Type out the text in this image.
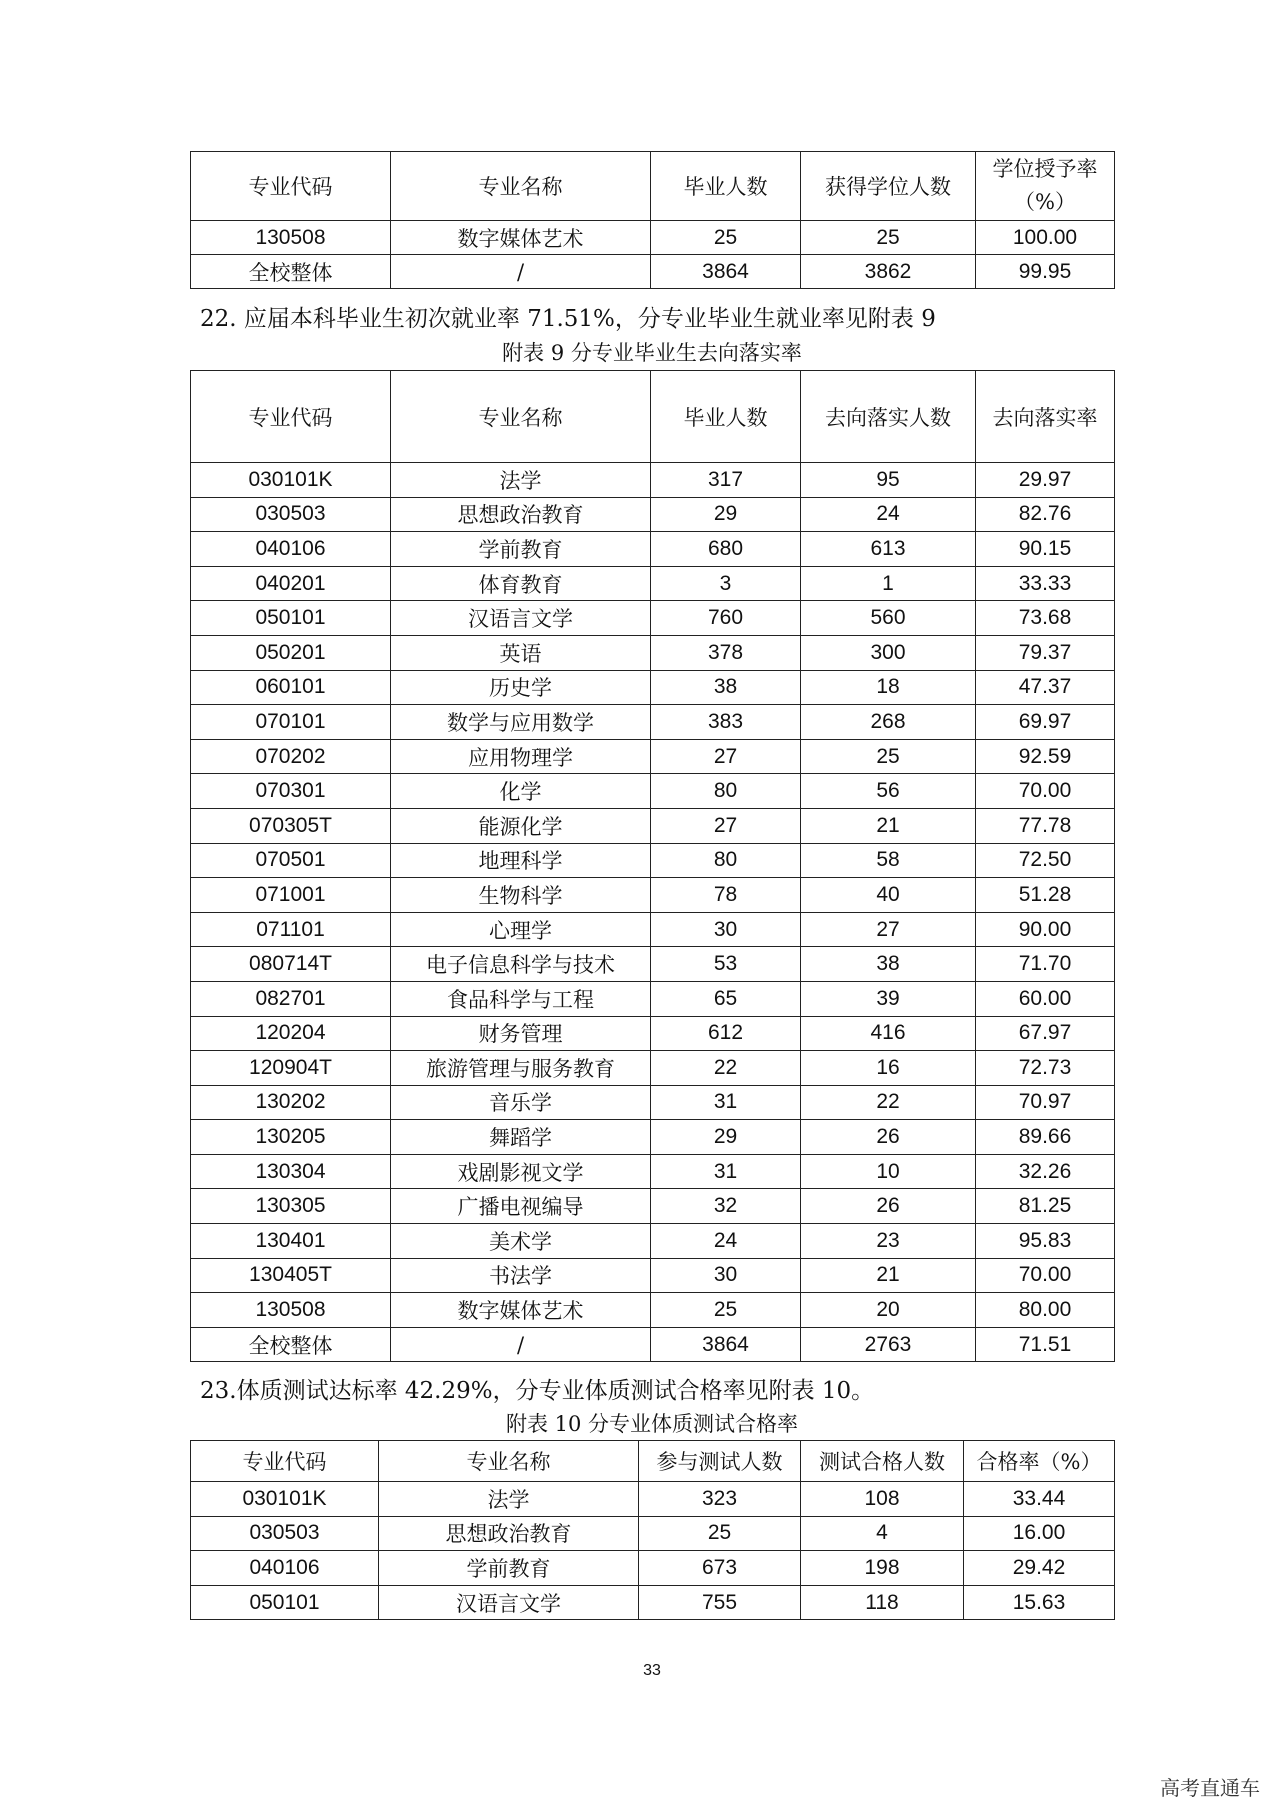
专业代码	专业名称	毕业人数	获得学位人数	学位授予率
（%）

130508	数字媒体艺术	25	25	100.00
全校整体	/	3864	3862	99.95
22. 应届本科毕业生初次就业率 71.51%，分专业毕业生就业率见附表 9
附表 9 分专业毕业生去向落实率
专业代码	专业名称	毕业人数	去向落实人数	去向落实率
030101K	法学	317	95	29.97
030503	思想政治教育	29	24	82.76
040106	学前教育	680	613	90.15
040201	体育教育	3	1	33.33
050101	汉语言文学	760	560	73.68
050201	英语	378	300	79.37
060101	历史学	38	18	47.37
070101	数学与应用数学	383	268	69.97
070202	应用物理学	27	25	92.59
070301	化学	80	56	70.00
070305T	能源化学	27	21	77.78
070501	地理科学	80	58	72.50
071001	生物科学	78	40	51.28
071101	心理学	30	27	90.00
080714T	电子信息科学与技术	53	38	71.70
082701	食品科学与工程	65	39	60.00
120204	财务管理	612	416	67.97
120904T	旅游管理与服务教育	22	16	72.73
130202	音乐学	31	22	70.97
130205	舞蹈学	29	26	89.66
130304	戏剧影视文学	31	10	32.26
130305	广播电视编导	32	26	81.25
130401	美术学	24	23	95.83
130405T	书法学	30	21	70.00
130508	数字媒体艺术	25	20	80.00
全校整体	/	3864	2763	71.51
23.体质测试达标率 42.29%，分专业体质测试合格率见附表 10。
附表 10 分专业体质测试合格率
专业代码	专业名称	参与测试人数	测试合格人数	合格率（%）
030101K	法学	323	108	33.44
030503	思想政治教育	25	4	16.00
040106	学前教育	673	198	29.42
050101	汉语言文学	755	118	15.63
33
高考直通车
